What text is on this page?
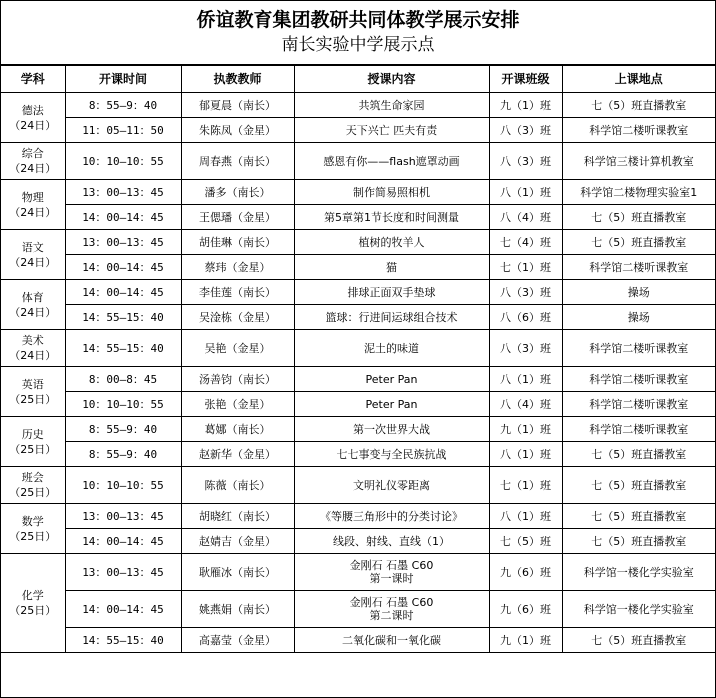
侨谊教育集团教研共同体教学展示安排
南长实验中学展示点
学科	开课时间	执教教师	授课内容	开课班级	上课地点

德法
（24日）	8：55—9：40	郁夏晨（南长）	共筑生命家园	九（1）班	七（5）班直播教室
	11：05—11：50	朱陈凤（金星）	天下兴亡 匹夫有责	八（3）班	科学馆二楼听课教室

综合
（24日）	10：10—10：55	周春燕（南长）	感恩有你——flash遮罩动画	八（3）班	科学馆三楼计算机教室

物理
（24日）	13：00—13：45	潘多（南长）	制作简易照相机	八（1）班	科学馆二楼物理实验室1
	14：00—14：45	王偲璠（金星）	第5章第1节长度和时间测量	八（4）班	七（5）班直播教室

语文
（24日）	13：00—13：45	胡佳琳（南长）	植树的牧羊人	七（4）班	七（5）班直播教室
	14：00—14：45	蔡玮（金星）	猫	七（1）班	科学馆二楼听课教室

体育
（24日）	14：00—14：45	李佳莲（南长）	排球正面双手垫球	八（3）班	操场
	14：55—15：40	吴淦栋（金星）	篮球：行进间运球组合技术	八（6）班	操场

美术
（24日）	14：55—15：40	吴艳（金星）	泥土的味道	八（3）班	科学馆二楼听课教室

英语
（25日）	8：00—8：45	汤善钧（南长）	Peter Pan	八（1）班	科学馆二楼听课教室
	10：10—10：55	张艳（金星）	Peter Pan	八（4）班	科学馆二楼听课教室

历史
（25日）	8：55—9：40	葛娜（南长）	第一次世界大战	九（1）班	科学馆二楼听课教室
	8：55—9：40	赵新华（金星）	七七事变与全民族抗战	八（1）班	七（5）班直播教室

班会
（25日）	10：10—10：55	陈薇（南长）	文明礼仪零距离	七（1）班	七（5）班直播教室

数学
（25日）	13：00—13：45	胡晓红（南长）	《等腰三角形中的分类讨论》	八（1）班	七（5）班直播教室
	14：00—14：45	赵婧吉（金星）	线段、射线、直线（1）	七（5）班	七（5）班直播教室

化学
（25日）	13：00—13：45	耿雁冰（南长）	金刚石 石墨 C60
第一课时	九（6）班	科学馆一楼化学实验室
	14：00—14：45	姚燕娟（南长）	金刚石 石墨 C60
第二课时	九（6）班	科学馆一楼化学实验室
	14：55—15：40	高嘉莹（金星）	二氧化碳和一氧化碳	九（1）班	七（5）班直播教室
